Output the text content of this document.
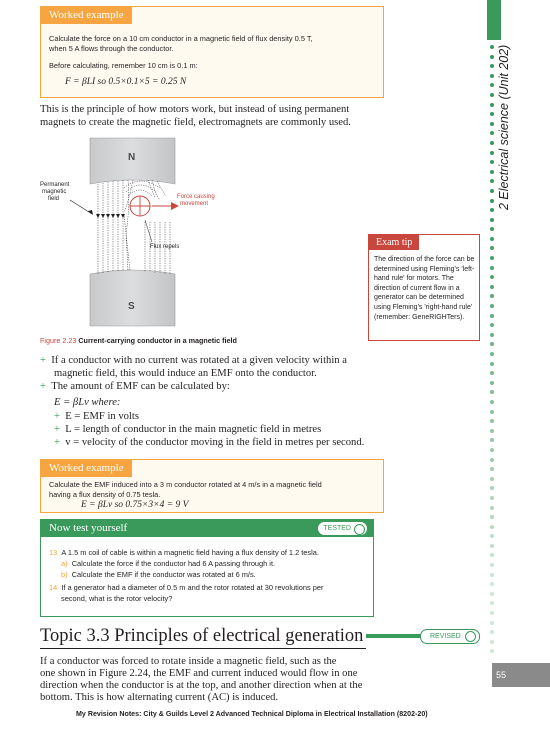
2 Electrical science (Unit 202)
Worked example
Calculate the force on a 10 cm conductor in a magnetic field of flux density 0.5 T,
when 5 A flows through the conductor.
Before calculating, remember 10 cm is 0.1 m:
F = βLI so 0.5×0.1×5 = 0.25 N
This is the principle of how motors work, but instead of using permanent
magnets to create the magnetic field, electromagnets are commonly used.
N
S
Permanent
magnetic
field	Force causing
movement
Flux repels
Figure 2.23 Current-carrying conductor in a magnetic field
Exam tip
The direction of the force can be determined using Fleming's 'left-hand rule' for motors. The direction of current flow in a generator can be determined using Fleming's 'right-hand rule' (remember: GeneRIGHTers).
+ If a conductor with no current was rotated at a given velocity within a
magnetic field, this would induce an EMF onto the conductor.
+ The amount of EMF can be calculated by:
E = βLv where:
+ E = EMF in volts
+ L = length of conductor in the main magnetic field in metres
+ v = velocity of the conductor moving in the field in metres per second.
Worked example
Calculate the EMF induced into a 3 m conductor rotated at 4 m/s in a magnetic field
having a flux density of 0.75 tesla.
E = βLv so 0.75×3×4 = 9 V
Now test yourself	TESTED
13 A 1.5 m coil of cable is within a magnetic field having a flux density of 1.2 tesla.
a) Calculate the force if the conductor had 6 A passing through it.
b) Calculate the EMF if the conductor was rotated at 6 m/s.
14 If a generator had a diameter of 0.5 m and the rotor rotated at 30 revolutions per
second, what is the rotor velocity?
Topic 3.3 Principles of electrical generation	REVISED
If a conductor was forced to rotate inside a magnetic field, such as the
one shown in Figure 2.24, the EMF and current induced would flow in one
direction when the conductor is at the top, and another direction when at the
bottom. This is how alternating current (AC) is induced.
55
My Revision Notes: City & Guilds Level 2 Advanced Technical Diploma in Electrical Installation (8202-20)
